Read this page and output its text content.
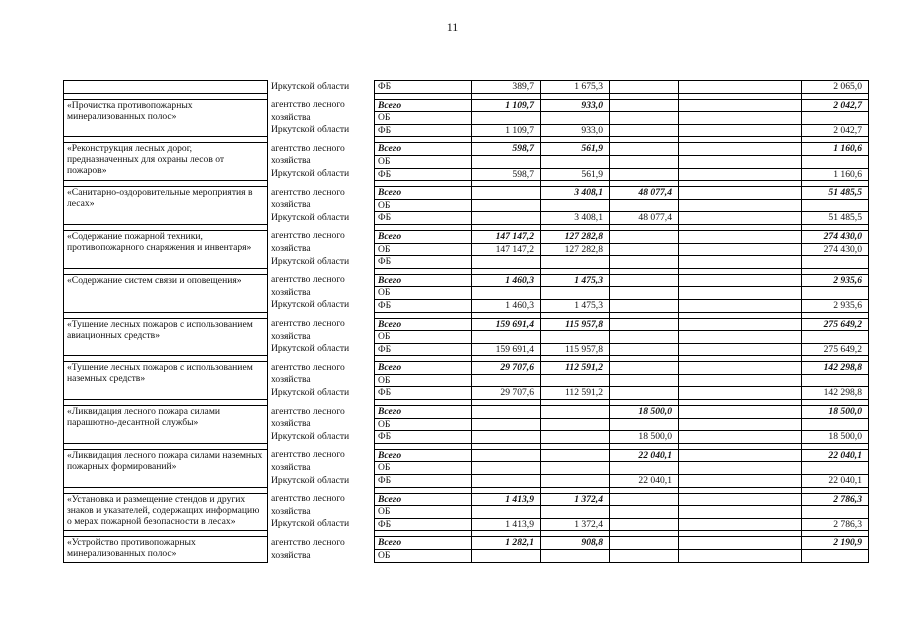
11
	Иркутской области	ФБ	389,7	1 675,3			2 065,0

«Прочистка противопожарных минерализованных полос»	агентство лесного	Всего	1 109,7	933,0			2 042,7
	хозяйства	ОБ					
	Иркутской области	ФБ	1 109,7	933,0			2 042,7

«Реконструкция лесных дорог, предназначенных для охраны лесов от пожаров»	агентство лесного	Всего	598,7	561,9			1 160,6
	хозяйства	ОБ					
	Иркутской области	ФБ	598,7	561,9			1 160,6

«Санитарно-оздоровительные мероприятия в лесах»	агентство лесного	Всего		3 408,1	48 077,4		51 485,5
	хозяйства	ОБ					
	Иркутской области	ФБ		3 408,1	48 077,4		51 485,5

«Содержание пожарной техники, противопожарного снаряжения и инвентаря»	агентство лесного	Всего	147 147,2	127 282,8			274 430,0
	хозяйства	ОБ	147 147,2	127 282,8			274 430,0
	Иркутской области	ФБ					

«Содержание систем связи и оповещения»	агентство лесного	Всего	1 460,3	1 475,3			2 935,6
	хозяйства	ОБ					
	Иркутской области	ФБ	1 460,3	1 475,3			2 935,6

«Тушение лесных пожаров с использованием авиационных средств»	агентство лесного	Всего	159 691,4	115 957,8			275 649,2
	хозяйства	ОБ					
	Иркутской области	ФБ	159 691,4	115 957,8			275 649,2

«Тушение лесных пожаров с использованием наземных средств»	агентство лесного	Всего	29 707,6	112 591,2			142 298,8
	хозяйства	ОБ					
	Иркутской области	ФБ	29 707,6	112 591,2			142 298,8

«Ликвидация лесного пожара силами парашютно-десантной службы»	агентство лесного	Всего			18 500,0		18 500,0
	хозяйства	ОБ					
	Иркутской области	ФБ			18 500,0		18 500,0

«Ликвидация лесного пожара силами наземных пожарных формирований»	агентство лесного	Всего			22 040,1		22 040,1
	хозяйства	ОБ					
	Иркутской области	ФБ			22 040,1		22 040,1

«Установка и размещение стендов и других знаков и указателей, содержащих информацию о мерах пожарной безопасности в лесах»	агентство лесного	Всего	1 413,9	1 372,4			2 786,3
	хозяйства	ОБ					
	Иркутской области	ФБ	1 413,9	1 372,4			2 786,3

«Устройство противопожарных минерализованных полос»	агентство лесного	Всего	1 282,1	908,8			2 190,9
	хозяйства	ОБ					
